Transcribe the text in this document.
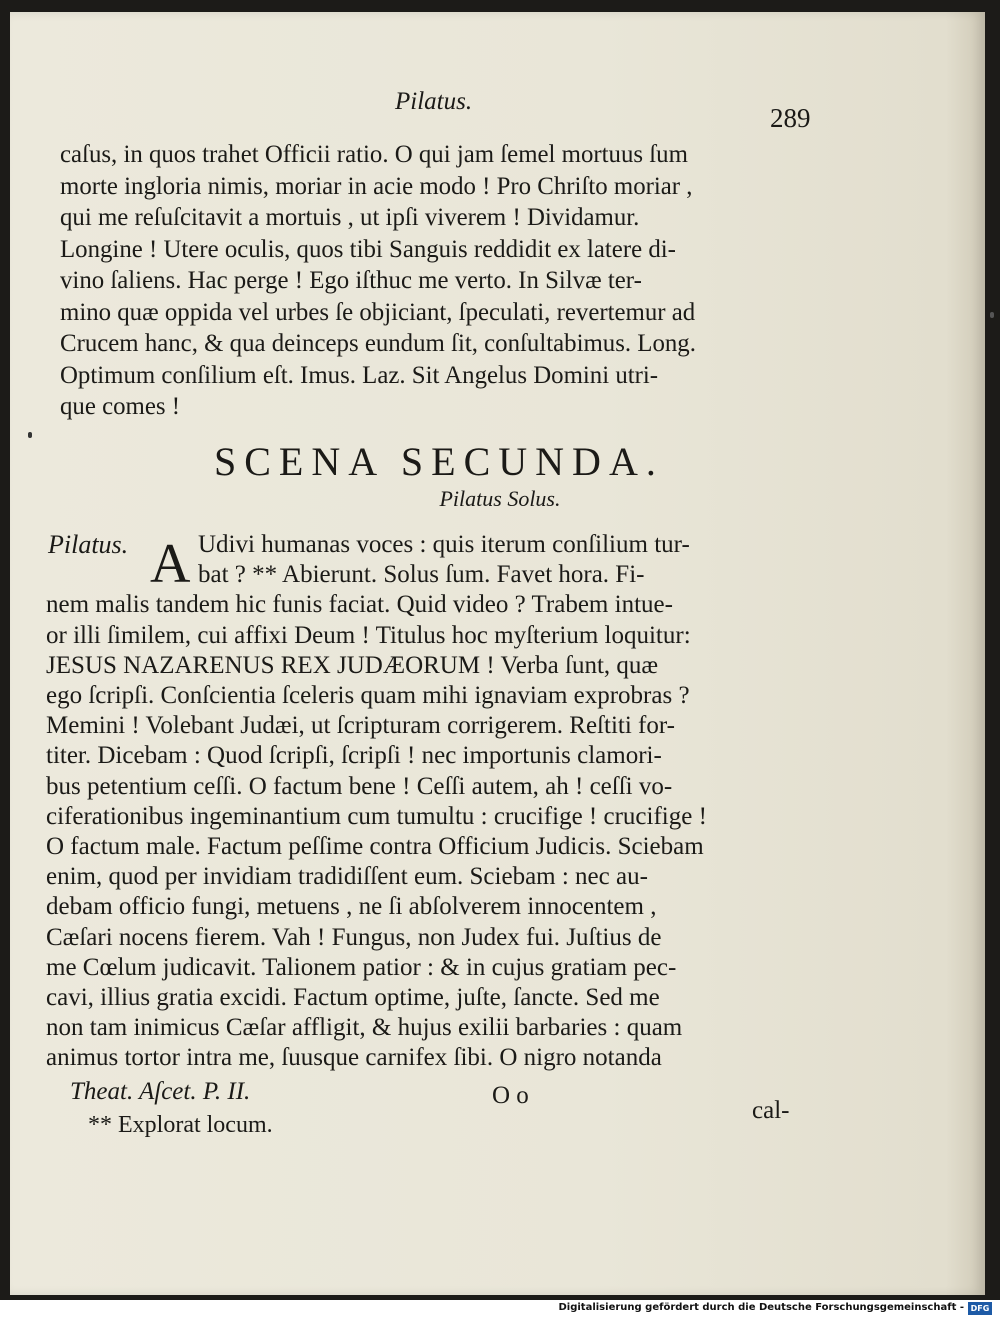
Pilatus.
289
caſus, in quos trahet Officii ratio. O qui jam ſemel mortuus ſum
morte ingloria nimis, moriar in acie modo ! Pro Chriſto moriar ,
qui me reſuſcitavit a mortuis , ut ipſi viverem ! Dividamur.
Longine ! Utere oculis, quos tibi Sanguis reddidit ex latere di-
vino ſaliens. Hac perge ! Ego iſthuc me verto. In Silvæ ter-
mino quæ oppida vel urbes ſe objiciant, ſpeculati, revertemur ad
Crucem hanc, & qua deinceps eundum ſit, conſultabimus. Long.
Optimum conſilium eſt. Imus. Laz. Sit Angelus Domini utri-
que comes !
SCENA SECUNDA.
Pilatus Solus.
Pilatus. A Udivi humanas voces : quis iterum conſilium tur-
bat ? ** Abierunt. Solus ſum. Favet hora. Fi-
nem malis tandem hic funis faciat. Quid video ? Trabem intue-
or illi ſimilem, cui affixi Deum ! Titulus hoc myſterium loquitur:
JESUS NAZARENUS REX JUDÆORUM ! Verba ſunt, quæ
ego ſcripſi. Conſcientia ſceleris quam mihi ignaviam exprobras ?
Memini ! Volebant Judæi, ut ſcripturam corrigerem. Reſtiti for-
titer. Dicebam : Quod ſcripſi, ſcripſi ! nec importunis clamori-
bus petentium ceſſi. O factum bene ! Ceſſi autem, ah ! ceſſi vo-
ciferationibus ingeminantium cum tumultu : crucifige ! crucifige !
O factum male. Factum peſſime contra Officium Judicis. Sciebam
enim, quod per invidiam tradidiſſent eum. Sciebam : nec au-
debam officio fungi, metuens , ne ſi abſolverem innocentem ,
Cæſari nocens fierem. Vah ! Fungus, non Judex fui. Juſtius de
me Cœlum judicavit. Talionem patior : & in cujus gratiam pec-
cavi, illius gratia excidi. Factum optime, juſte, ſancte. Sed me
non tam inimicus Cæſar affligit, & hujus exilii barbaries : quam
animus tortor intra me, ſuusque carnifex ſibi. O nigro notanda
Theat. Aſcet. P. II.	O o
cal-
** Explorat locum.
Digitalisierung gefördert durch die Deutsche Forschungsgemeinschaft - DFG
